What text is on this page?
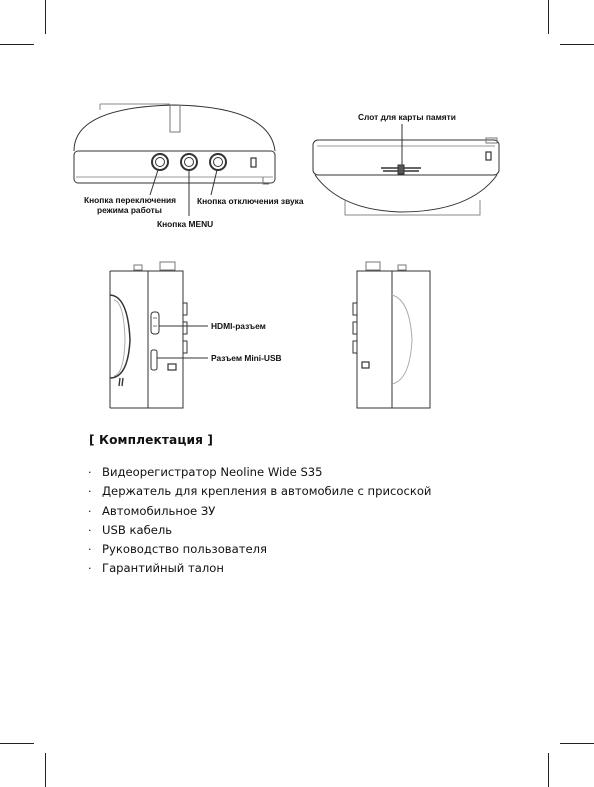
Кнопка переключения
режима работы
Кнопка MENU
Кнопка отключения звука
Слот для карты памяти
HDMI-разъем
Разъем Mini-USB
[ Комплектация ]
· Видеорегистратор Neoline Wide S35
· Держатель для крепления в автомобиле с присоской
· Автомобильное ЗУ
· USB кабель
· Руководство пользователя
· Гарантийный талон
